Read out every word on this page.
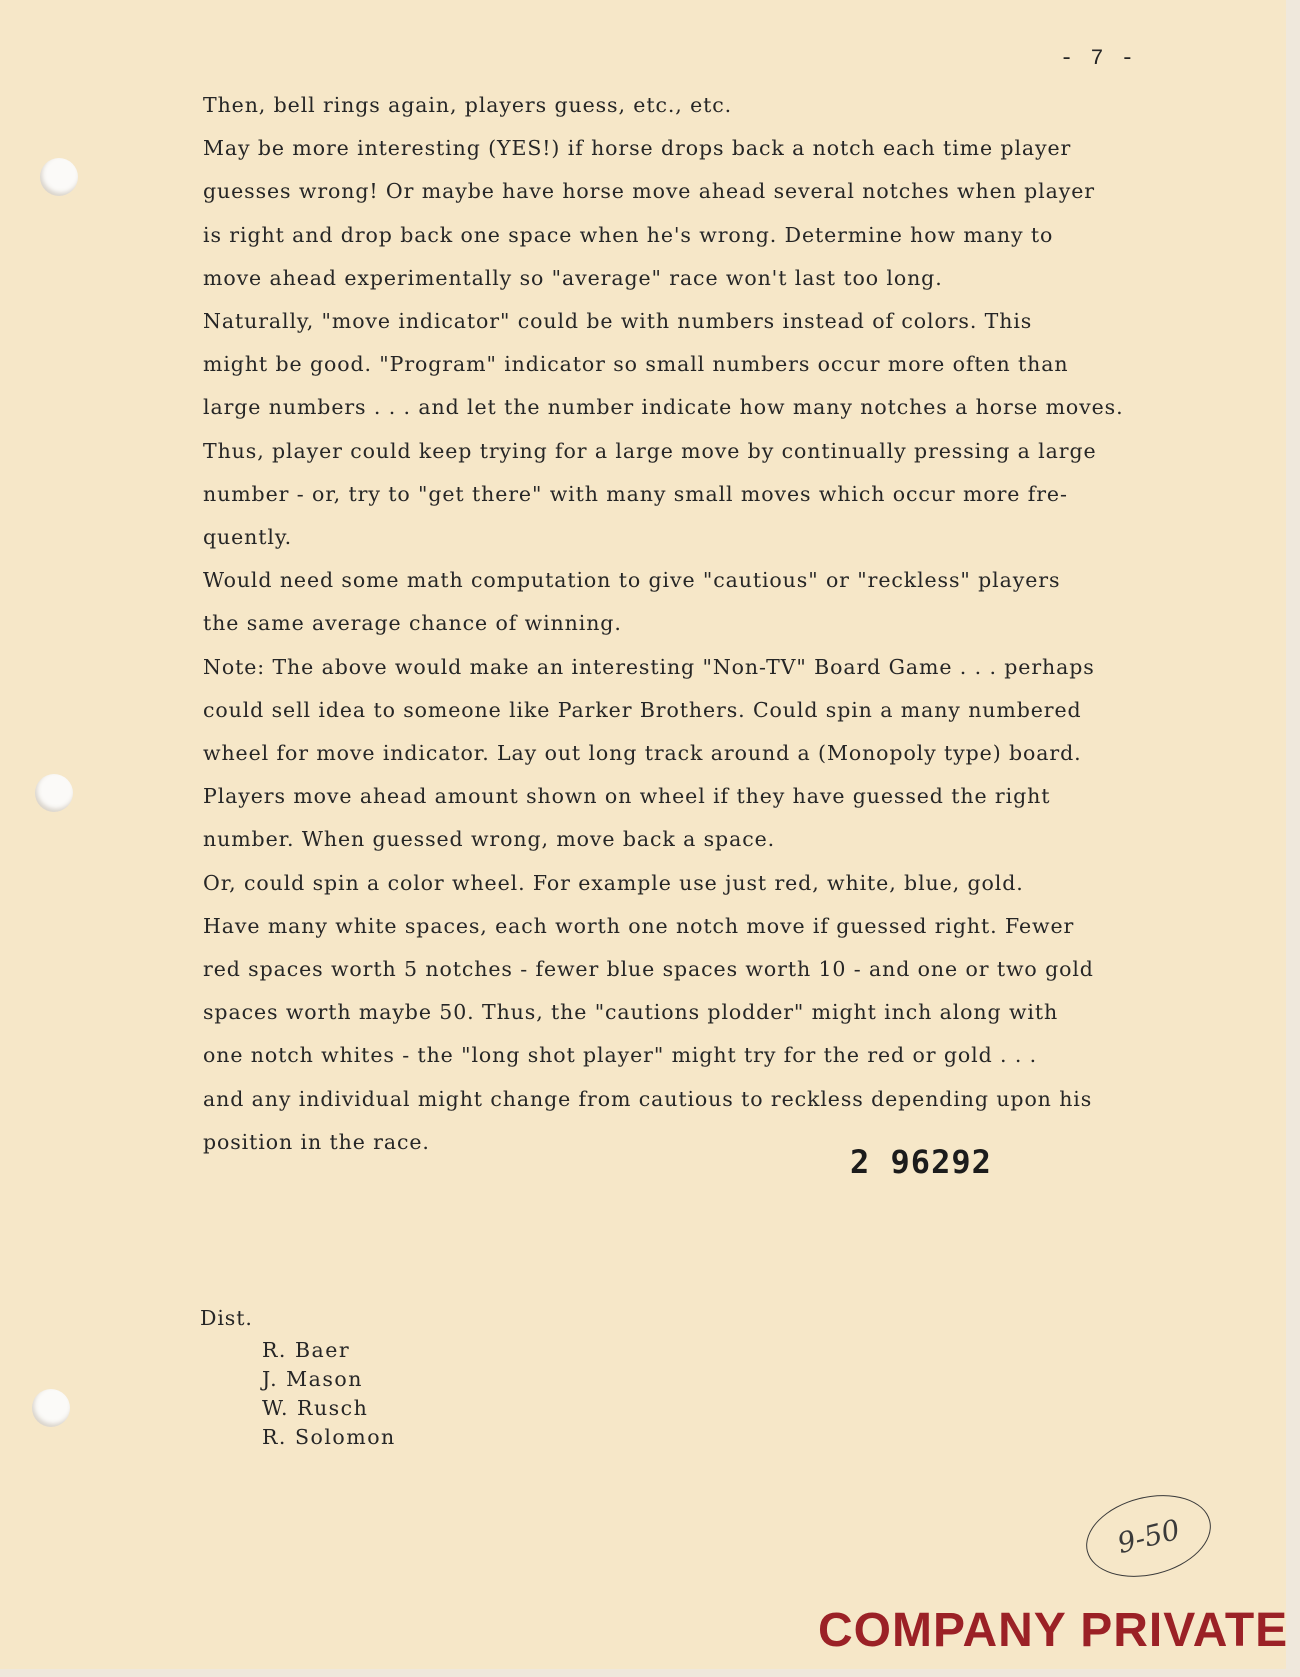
- 7 -
Then, bell rings again, players guess, etc., etc.
May be more interesting (YES!) if horse drops back a notch each time player
guesses wrong! Or maybe have horse move ahead several notches when player
is right and drop back one space when he's wrong. Determine how many to
move ahead experimentally so "average" race won't last too long.
Naturally, "move indicator" could be with numbers instead of colors. This
might be good. "Program" indicator so small numbers occur more often than
large numbers . . . and let the number indicate how many notches a horse moves.
Thus, player could keep trying for a large move by continually pressing a large
number - or, try to "get there" with many small moves which occur more fre-
quently.
Would need some math computation to give "cautious" or "reckless" players
the same average chance of winning.
Note: The above would make an interesting "Non-TV" Board Game . . . perhaps
could sell idea to someone like Parker Brothers. Could spin a many numbered
wheel for move indicator. Lay out long track around a (Monopoly type) board.
Players move ahead amount shown on wheel if they have guessed the right
number. When guessed wrong, move back a space.
Or, could spin a color wheel. For example use just red, white, blue, gold.
Have many white spaces, each worth one notch move if guessed right. Fewer
red spaces worth 5 notches - fewer blue spaces worth 10 - and one or two gold
spaces worth maybe 50. Thus, the "cautions plodder" might inch along with
one notch whites - the "long shot player" might try for the red or gold . . .
and any individual might change from cautious to reckless depending upon his
position in the race.
2 96292
Dist.
R. Baer
J. Mason
W. Rusch
R. Solomon
9-50
COMPANY PRIVATE
